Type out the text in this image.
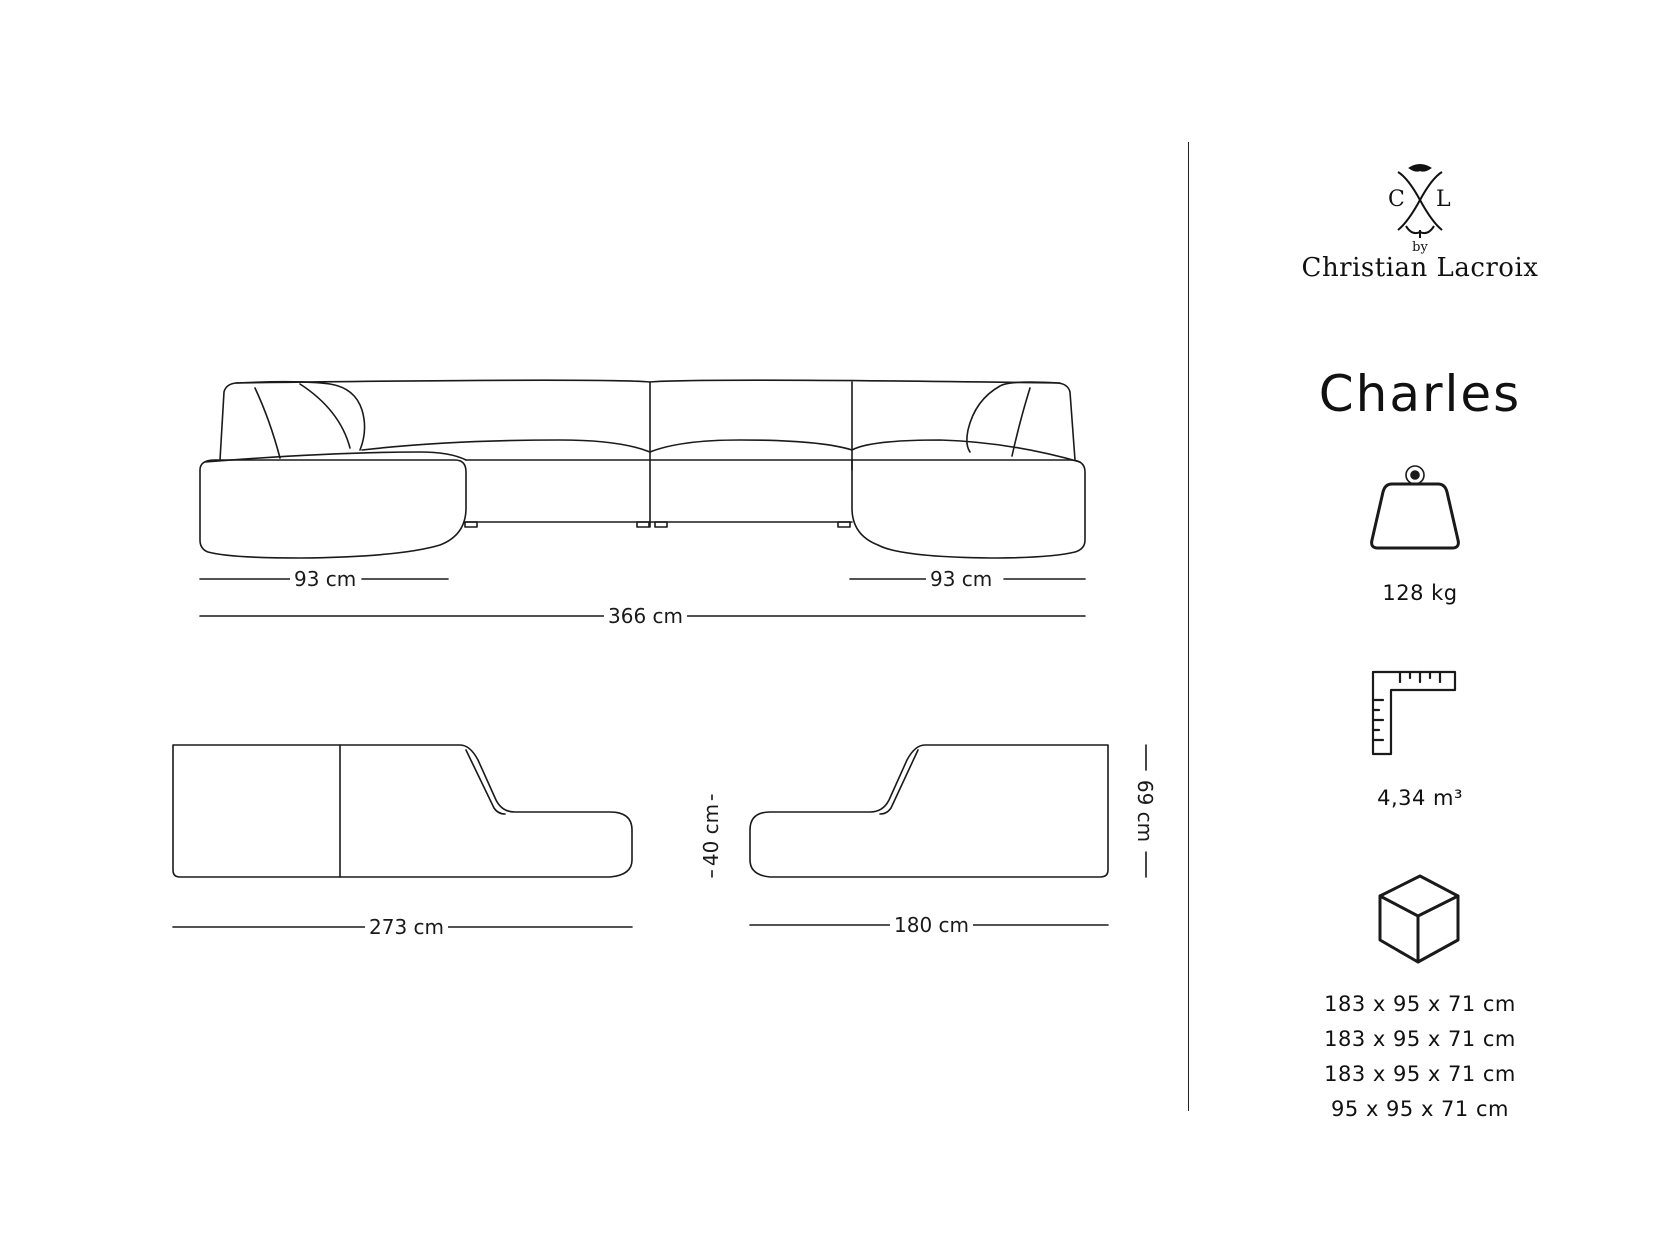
93 cm	93 cm
366 cm
273 cm	180 cm
40 cm	69 cm
C L
by
Christian Lacroix
Charles
128 kg
4,34 m³
183 x 95 x 71 cm
183 x 95 x 71 cm
183 x 95 x 71 cm
95 x 95 x 71 cm
